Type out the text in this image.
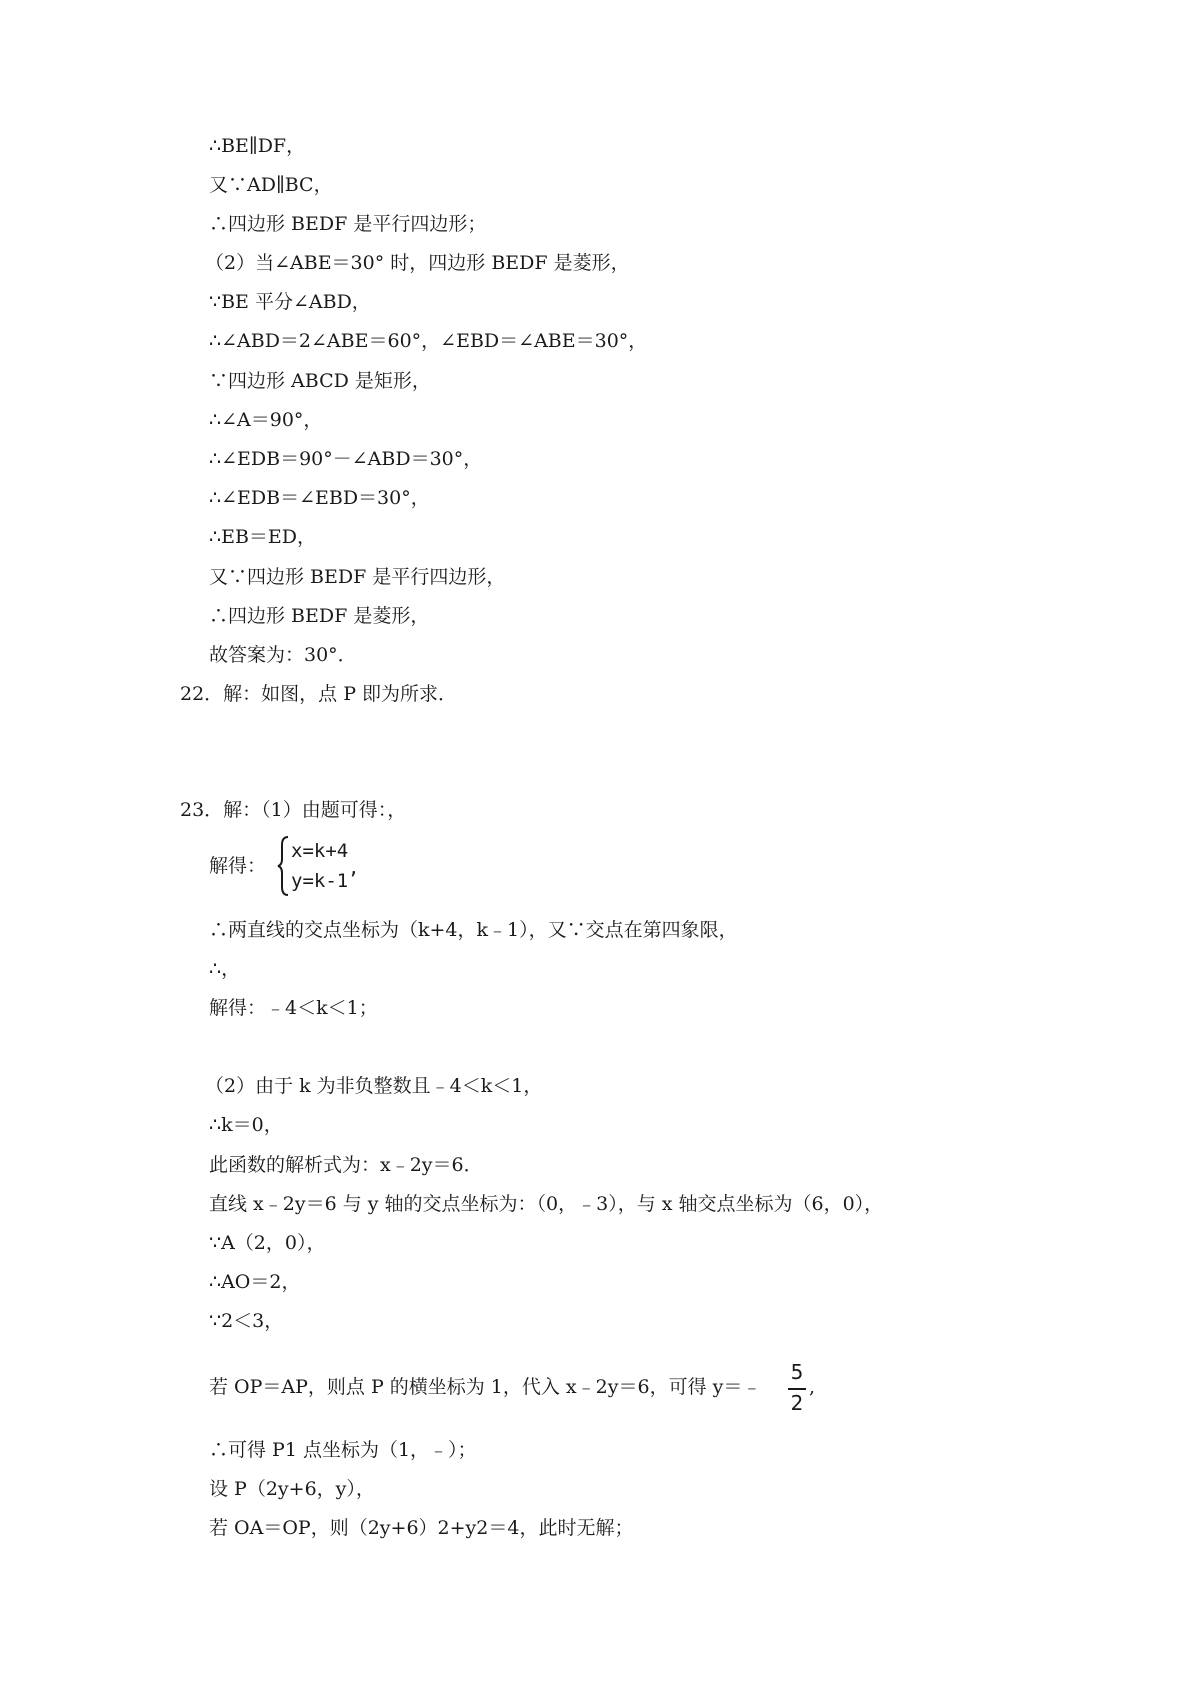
∴BE∥DF，
又∵AD∥BC，
∴四边形 BEDF 是平行四边形；
（2）当∠ABE＝30° 时，四边形 BEDF 是菱形，
∵BE 平分∠ABD，
∴∠ABD＝2∠ABE＝60°，∠EBD＝∠ABE＝30°，
∵四边形 ABCD 是矩形，
∴∠A＝90°，
∴∠EDB＝90°－∠ABD＝30°，
∴∠EDB＝∠EBD＝30°，
∴EB＝ED，
又∵四边形 BEDF 是平行四边形，
∴四边形 BEDF 是菱形，
故答案为：30°．
22．解：如图，点 P 即为所求．
23．解：（1）由题可得：，
解得：
x=k+4
y=k-1
,
∴两直线的交点坐标为（k+4，k﹣1），又∵交点在第四象限，
∴，
解得：﹣4＜k＜1；
（2）由于 k 为非负整数且﹣4＜k＜1，
∴k＝0，
此函数的解析式为：x﹣2y＝6．
直线 x﹣2y＝6 与 y 轴的交点坐标为：（0，﹣3），与 x 轴交点坐标为（6，0），
∵A（2，0），
∴AO＝2，
∵2＜3，
若 OP＝AP，则点 P 的横坐标为 1，代入 x﹣2y＝6，可得 y＝﹣
5
2
,
∴可得 P1 点坐标为（1，﹣）；
设 P（2y+6，y），
若 OA＝OP，则（2y+6）2+y2＝4，此时无解；
